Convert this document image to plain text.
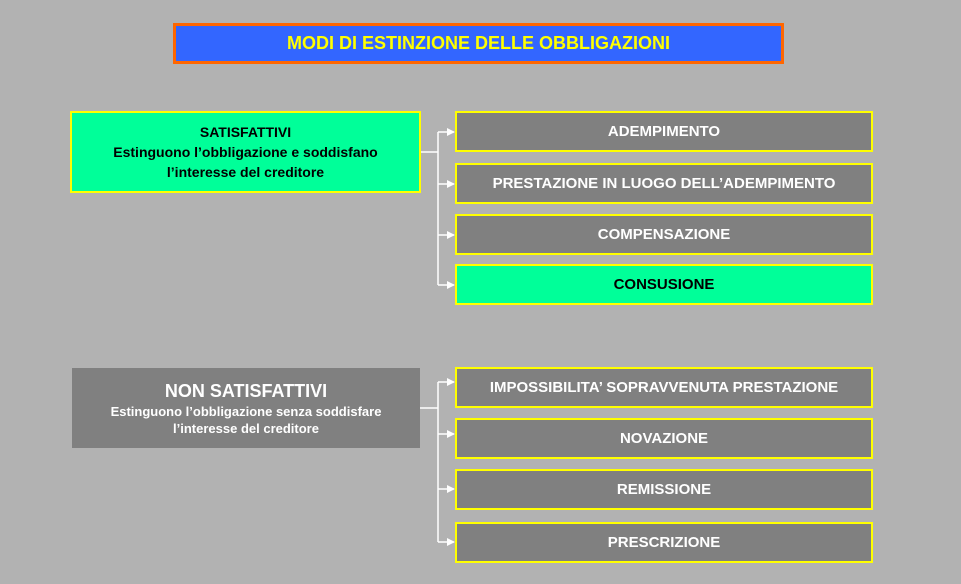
MODI DI ESTINZIONE DELLE OBBLIGAZIONI
SATISFATTIVI
Estinguono l’obbligazione e soddisfano
l’interesse del creditore
ADEMPIMENTO
PRESTAZIONE IN LUOGO DELL’ADEMPIMENTO
COMPENSAZIONE
CONSUSIONE
NON SATISFATTIVI
Estinguono l’obbligazione senza soddisfare
l’interesse del creditore
IMPOSSIBILITA’ SOPRAVVENUTA PRESTAZIONE
NOVAZIONE
REMISSIONE
PRESCRIZIONE
